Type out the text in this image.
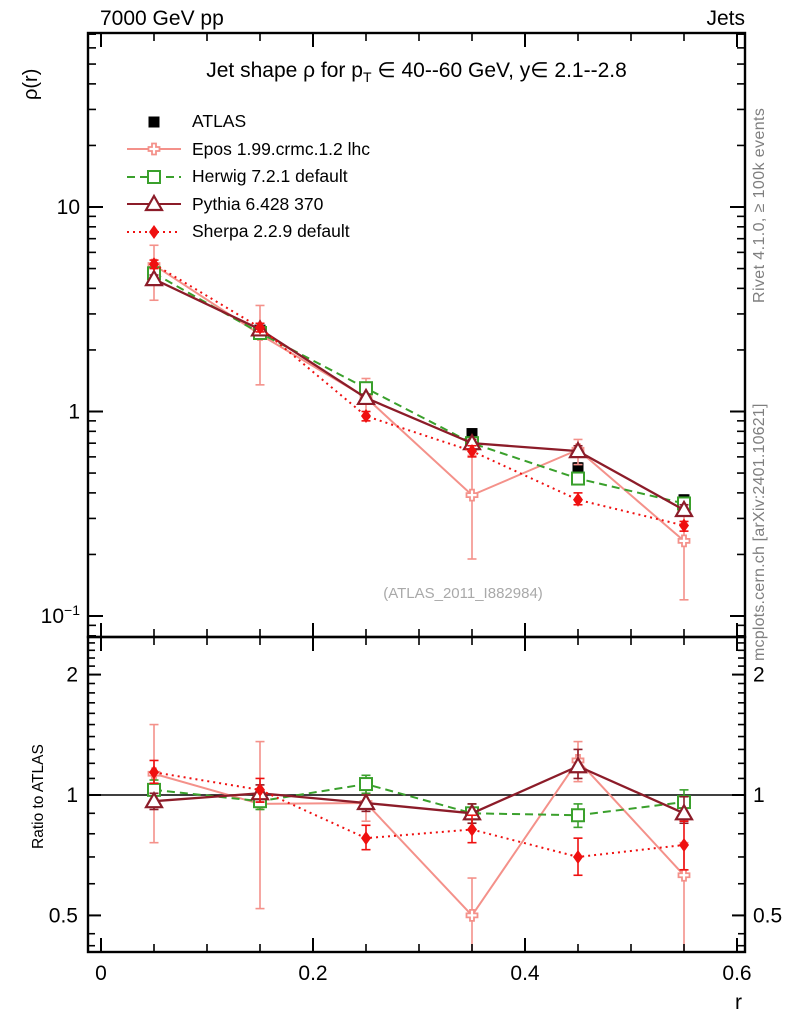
0	0.2	0.4	0.6
10
1
$10^{-1}$
2	2
1	1
0.5	0.5
7000 GeV pp	Jets
Jet shape ρ for $p_T$ ∈ 40--60 GeV, y∈ 2.1--2.8
ATLAS
Epos 1.99.crmc.1.2 lhc
Herwig 7.2.1 default
Pythia 6.428 370
Sherpa 2.2.9 default
(ATLAS_2011_I882984)
ρ(r)
Ratio to ATLAS
Rivet 4.1.0, ≥ 100k events
mcplots.cern.ch [arXiv:2401.10621]
r
